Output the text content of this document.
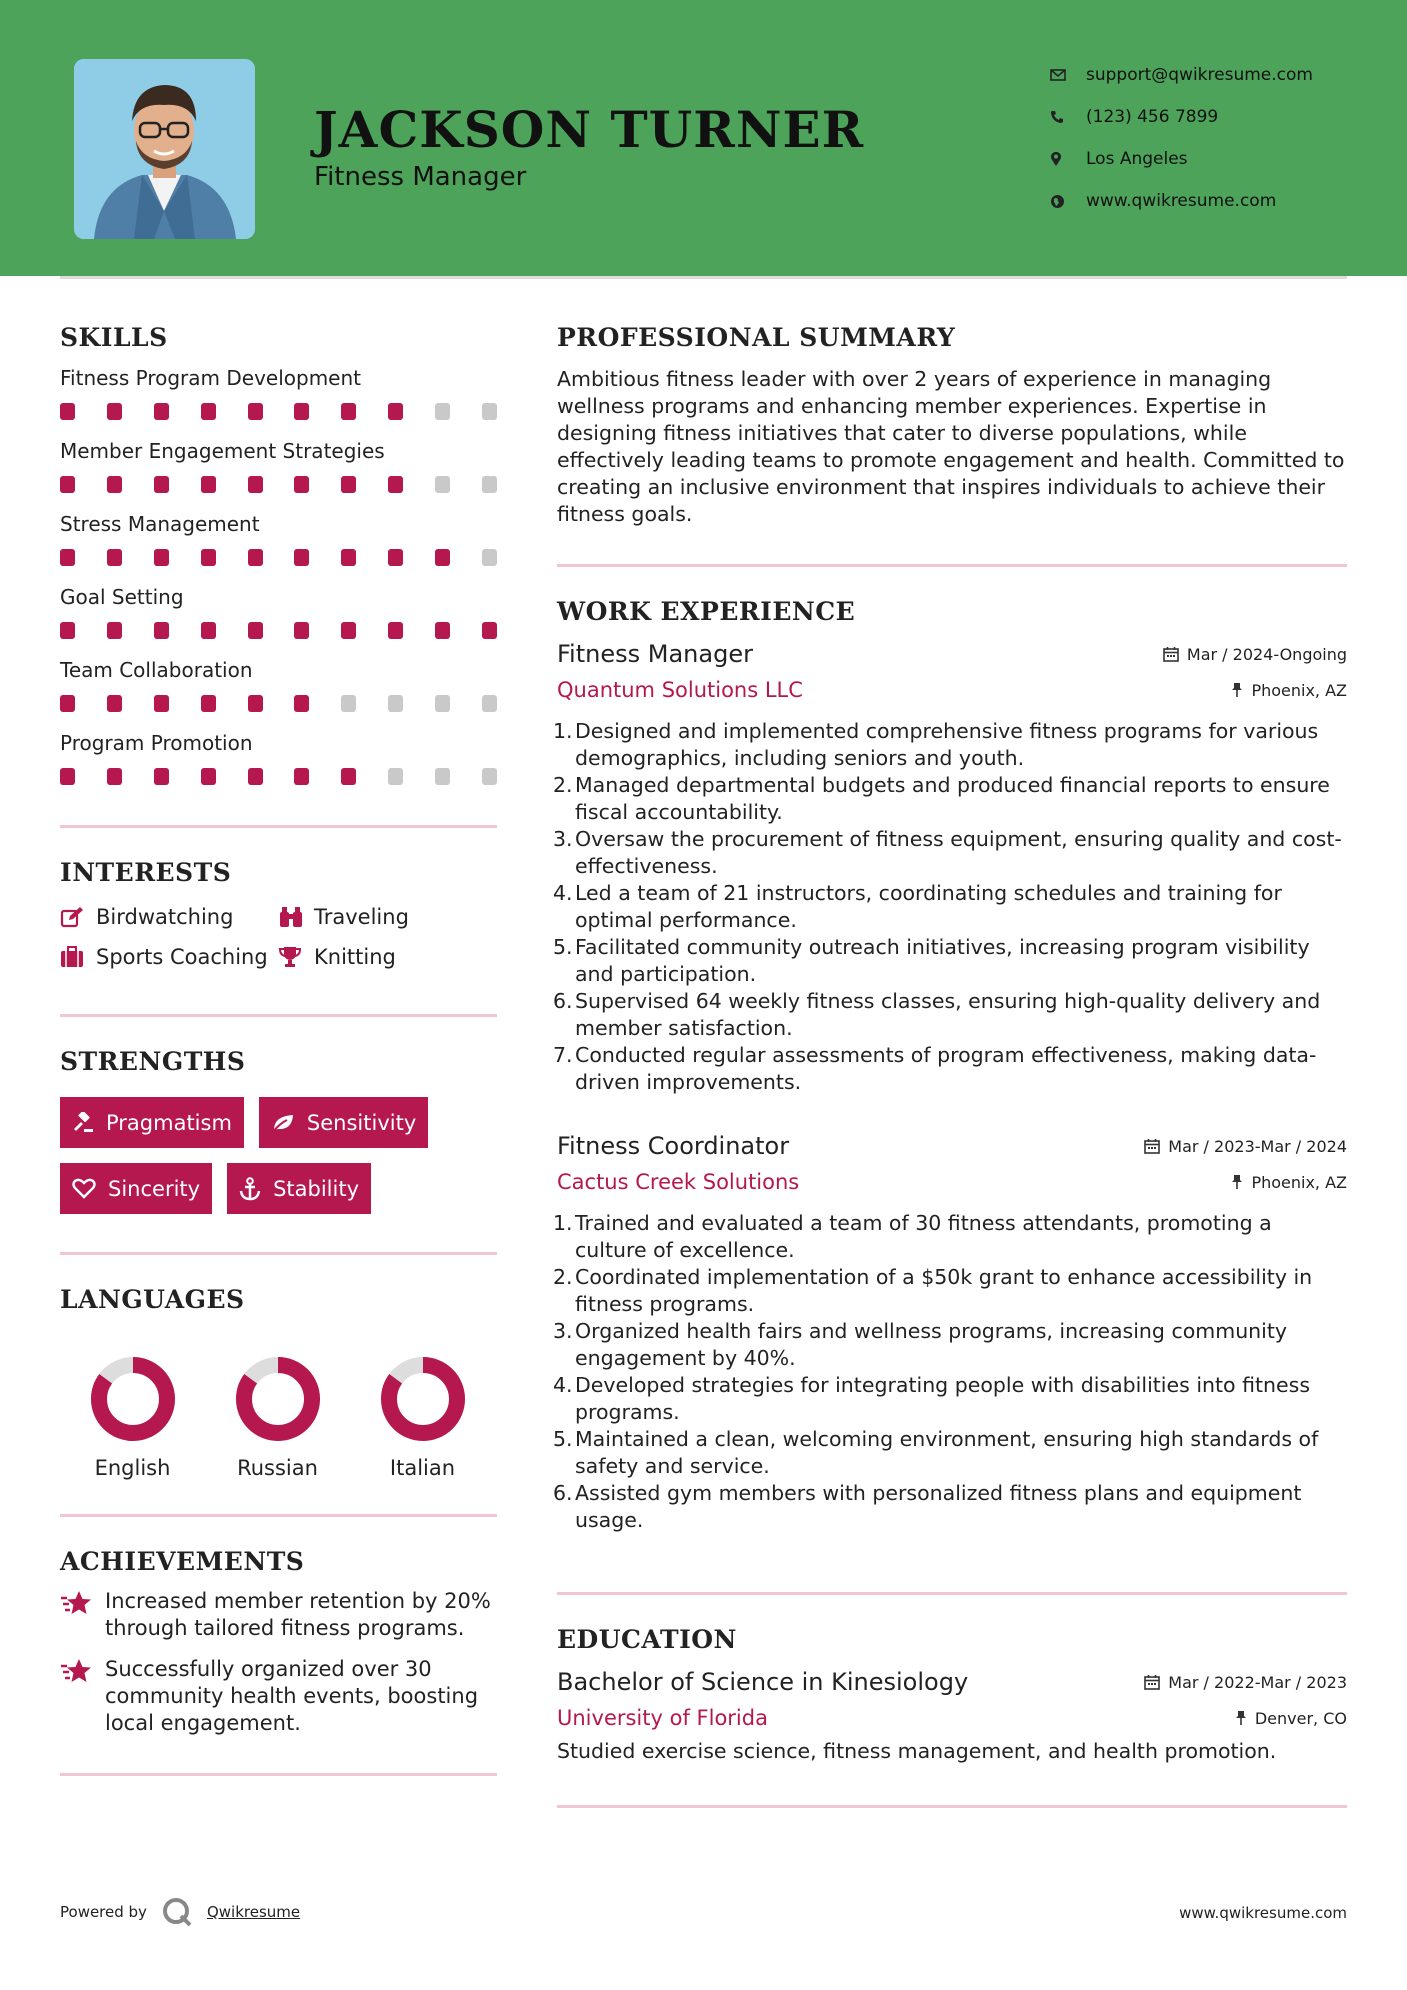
JACKSON TURNER
Fitness Manager
support@qwikresume.com
(123) 456 7899
Los Angeles
www.qwikresume.com
SKILLS
Fitness Program Development
Member Engagement Strategies
Stress Management
Goal Setting
Team Collaboration
Program Promotion
INTERESTS
Birdwatching	Traveling
Sports Coaching Knitting
STRENGTHS
Pragmatism	Sensitivity
Sincerity	Stability
LANGUAGES
English	Russian	Italian
ACHIEVEMENTS
Increased member retention by 20% through tailored fitness programs.
Successfully organized over 30 community health events, boosting local engagement.
PROFESSIONAL SUMMARY
Ambitious fitness leader with over 2 years of experience in managing wellness programs and enhancing member experiences. Expertise in designing fitness initiatives that cater to diverse populations, while effectively leading teams to promote engagement and health. Committed to creating an inclusive environment that inspires individuals to achieve their fitness goals.
WORK EXPERIENCE
Fitness Manager	Mar / 2024-Ongoing
Quantum Solutions LLC	Phoenix, AZ
Designed and implemented comprehensive fitness programs for various demographics, including seniors and youth.
Managed departmental budgets and produced financial reports to ensure fiscal accountability.
Oversaw the procurement of fitness equipment, ensuring quality and cost-effectiveness.
Led a team of 21 instructors, coordinating schedules and training for optimal performance.
Facilitated community outreach initiatives, increasing program visibility and participation.
Supervised 64 weekly fitness classes, ensuring high-quality delivery and member satisfaction.
Conducted regular assessments of program effectiveness, making data-driven improvements.
Fitness Coordinator	Mar / 2023-Mar / 2024
Cactus Creek Solutions	Phoenix, AZ
Trained and evaluated a team of 30 fitness attendants, promoting a culture of excellence.
Coordinated implementation of a $50k grant to enhance accessibility in fitness programs.
Organized health fairs and wellness programs, increasing community engagement by 40%.
Developed strategies for integrating people with disabilities into fitness programs.
Maintained a clean, welcoming environment, ensuring high standards of safety and service.
Assisted gym members with personalized fitness plans and equipment usage.
EDUCATION
Bachelor of Science in Kinesiology	Mar / 2022-Mar / 2023
University of Florida	Denver, CO
Studied exercise science, fitness management, and health promotion.
Powered by	Qwikresume	www.qwikresume.com
